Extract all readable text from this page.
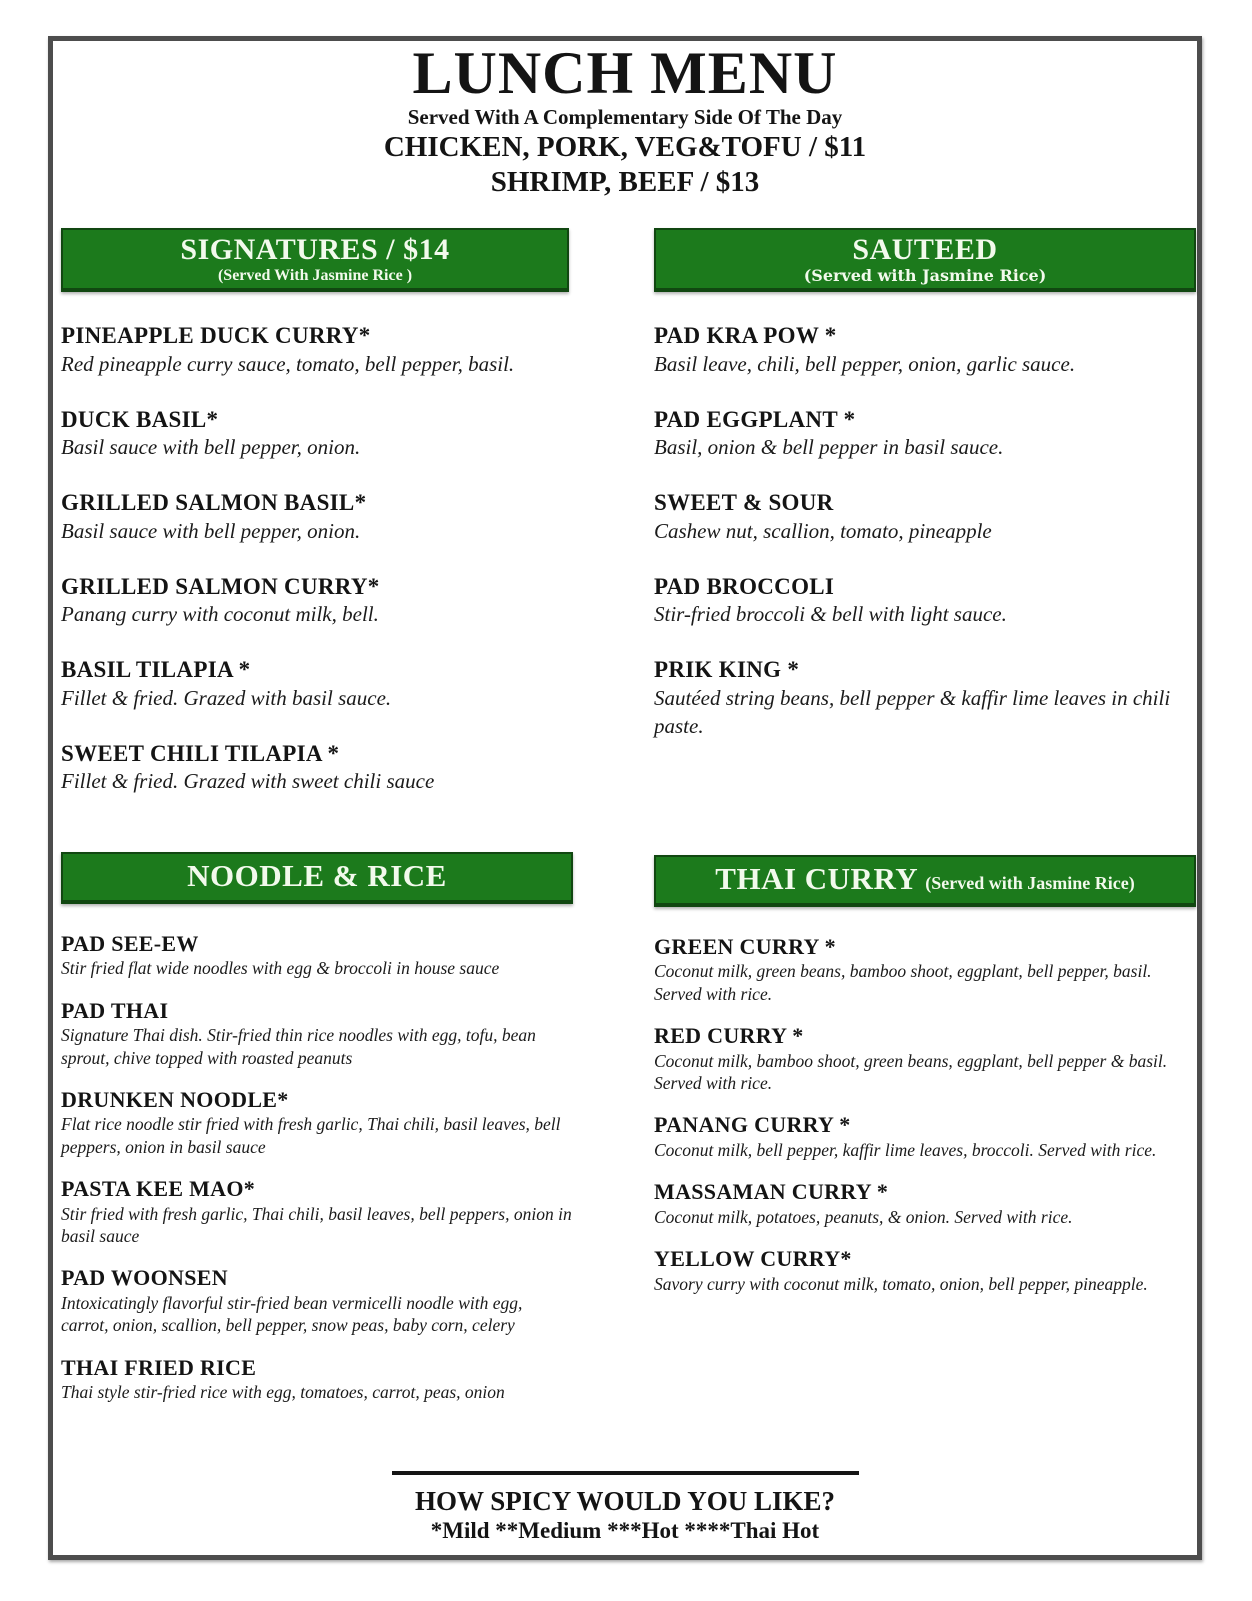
LUNCH MENU
Served With A Complementary Side Of The Day
CHICKEN, PORK, VEG&TOFU / $11
SHRIMP, BEEF / $13
SIGNATURES / $14
(Served With Jasmine Rice )
PINEAPPLE DUCK CURRY*
Red pineapple curry sauce, tomato, bell pepper, basil.
DUCK BASIL*
Basil sauce with bell pepper, onion.
GRILLED SALMON BASIL*
Basil sauce with bell pepper, onion.
GRILLED SALMON CURRY*
Panang curry with coconut milk, bell.
BASIL TILAPIA *
Fillet & fried. Grazed with basil sauce.
SWEET CHILI TILAPIA *
Fillet & fried. Grazed with sweet chili sauce
SAUTEED
(Served with Jasmine Rice)
PAD KRA POW *
Basil leave, chili, bell pepper, onion, garlic sauce.
PAD EGGPLANT *
Basil, onion & bell pepper in basil sauce.
SWEET & SOUR
Cashew nut, scallion, tomato, pineapple
PAD BROCCOLI
Stir-fried broccoli & bell with light sauce.
PRIK KING *
Sautéed string beans, bell pepper & kaffir lime leaves in chili paste.
NOODLE & RICE
PAD SEE-EW
Stir fried flat wide noodles with egg & broccoli in house sauce
PAD THAI
Signature Thai dish. Stir-fried thin rice noodles with egg, tofu, bean sprout, chive topped with roasted peanuts
DRUNKEN NOODLE*
Flat rice noodle stir fried with fresh garlic, Thai chili, basil leaves, bell peppers, onion in basil sauce
PASTA KEE MAO*
Stir fried with fresh garlic, Thai chili, basil leaves, bell peppers, onion in basil sauce
PAD WOONSEN
Intoxicatingly flavorful stir-fried bean vermicelli noodle with egg, carrot, onion, scallion, bell pepper, snow peas, baby corn, celery
THAI FRIED RICE
Thai style stir-fried rice with egg, tomatoes, carrot, peas, onion
THAI CURRY (Served with Jasmine Rice)
GREEN CURRY *
Coconut milk, green beans, bamboo shoot, eggplant, bell pepper, basil. Served with rice.
RED CURRY *
Coconut milk, bamboo shoot, green beans, eggplant, bell pepper & basil. Served with rice.
PANANG CURRY *
Coconut milk, bell pepper, kaffir lime leaves, broccoli. Served with rice.
MASSAMAN CURRY *
Coconut milk, potatoes, peanuts, & onion. Served with rice.
YELLOW CURRY*
Savory curry with coconut milk, tomato, onion, bell pepper, pineapple.
HOW SPICY WOULD YOU LIKE?
*Mild **Medium ***Hot ****Thai Hot
